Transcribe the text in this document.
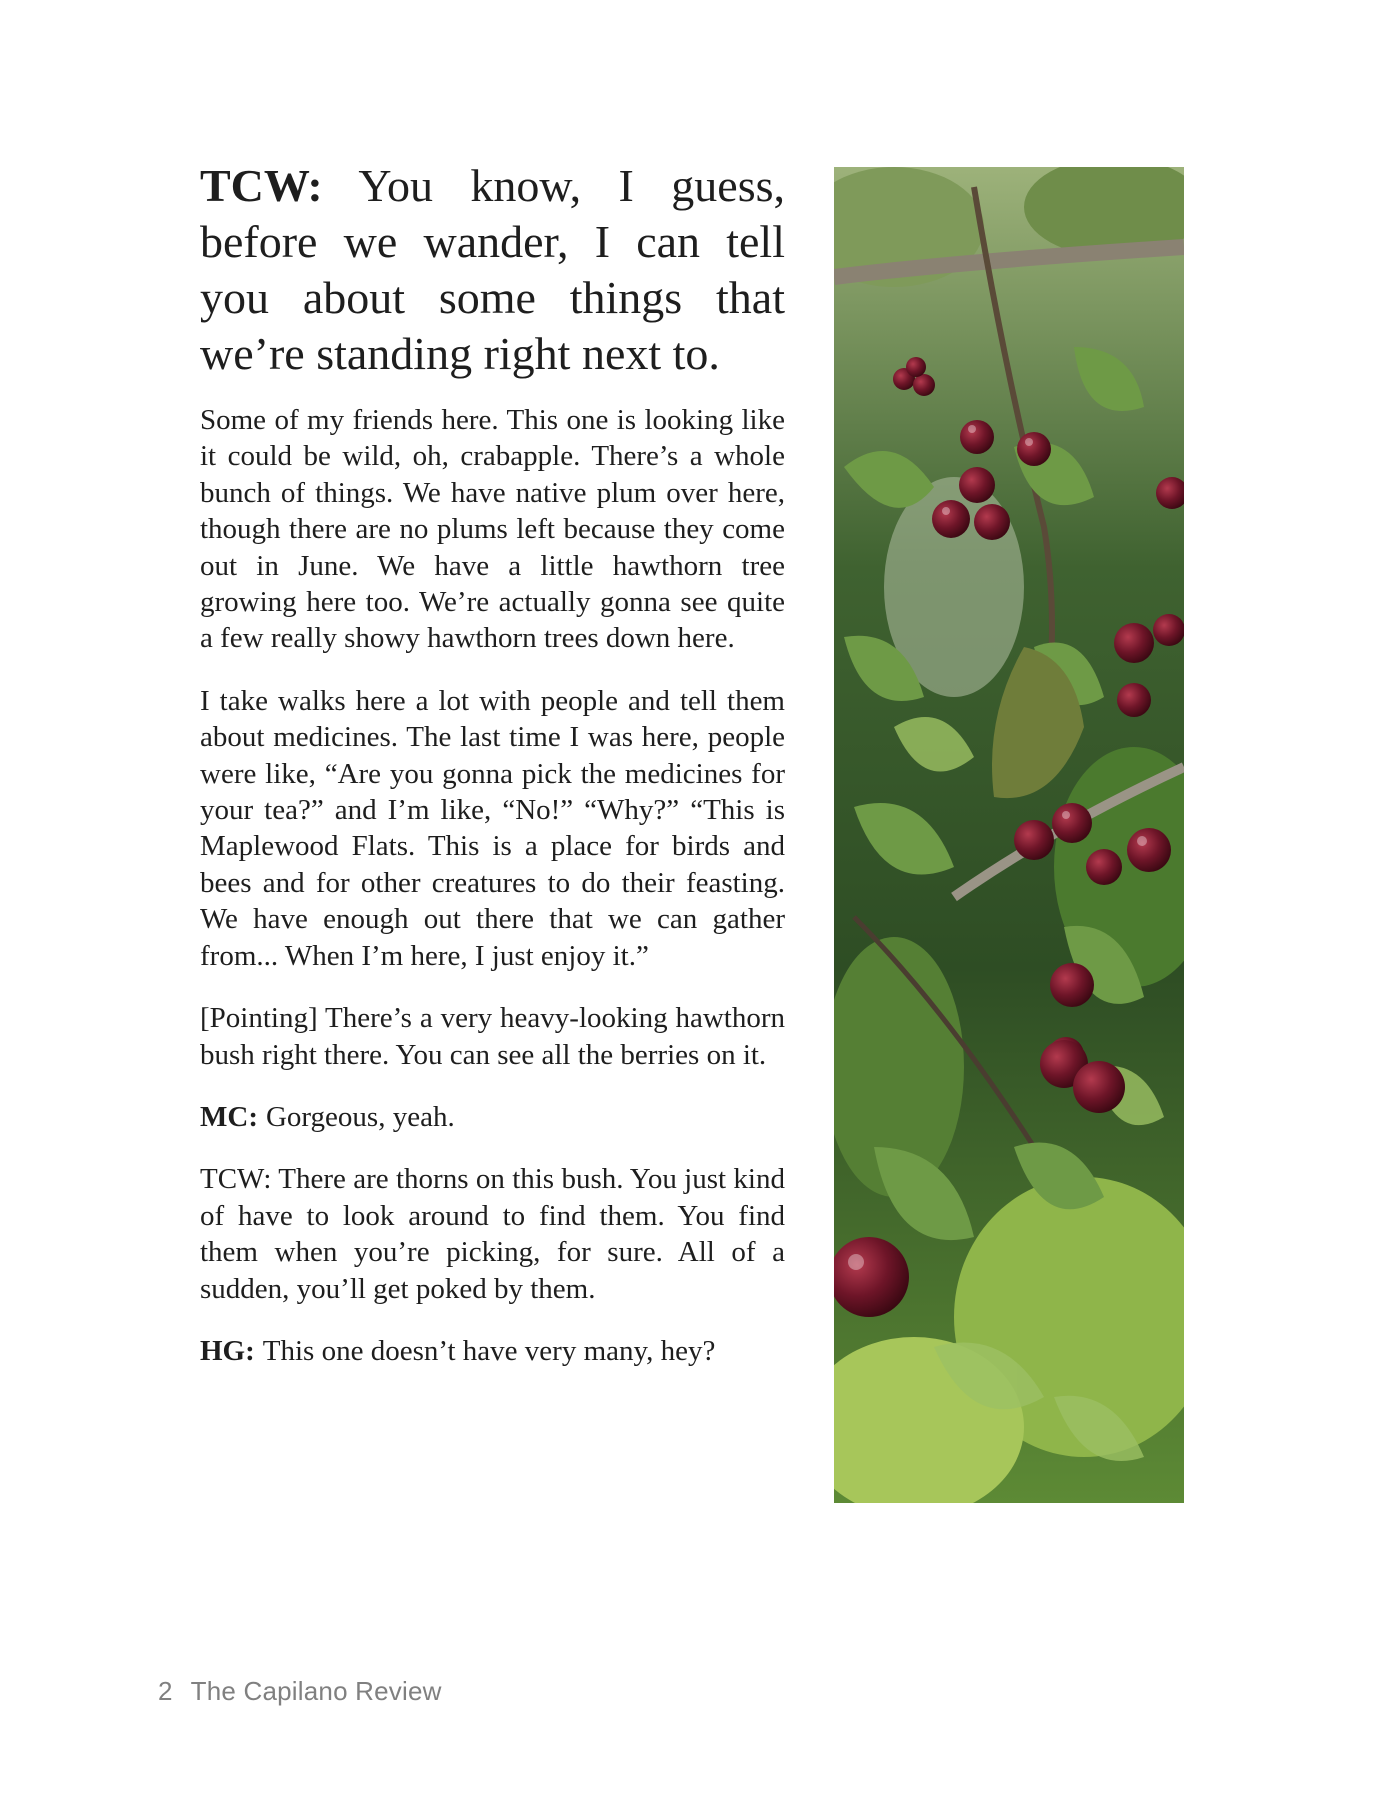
TCW: You know, I guess, before we wander, I can tell you about some things that we’re standing right next to.

Some of my friends here. This one is looking like it could be wild, oh, crabapple. There’s a whole bunch of things. We have native plum over here, though there are no plums left because they come out in June. We have a little hawthorn tree growing here too. We’re actually gonna see quite a few really showy hawthorn trees down here.

I take walks here a lot with people and tell them about medicines. The last time I was here, people were like, “Are you gonna pick the medicines for your tea?” and I’m like, “No!” “Why?” “This is Maplewood Flats. This is a place for birds and bees and for other creatures to do their feasting. We have enough out there that we can gather from... When I’m here, I just enjoy it.”

[Pointing] There’s a very heavy-looking hawthorn bush right there. You can see all the berries on it.

MC: Gorgeous, yeah.

TCW: There are thorns on this bush. You just kind of have to look around to find them. You find them when you’re picking, for sure. All of a sudden, you’ll get poked by them.

HG: This one doesn’t have very many, hey?

2 The Capilano Review
